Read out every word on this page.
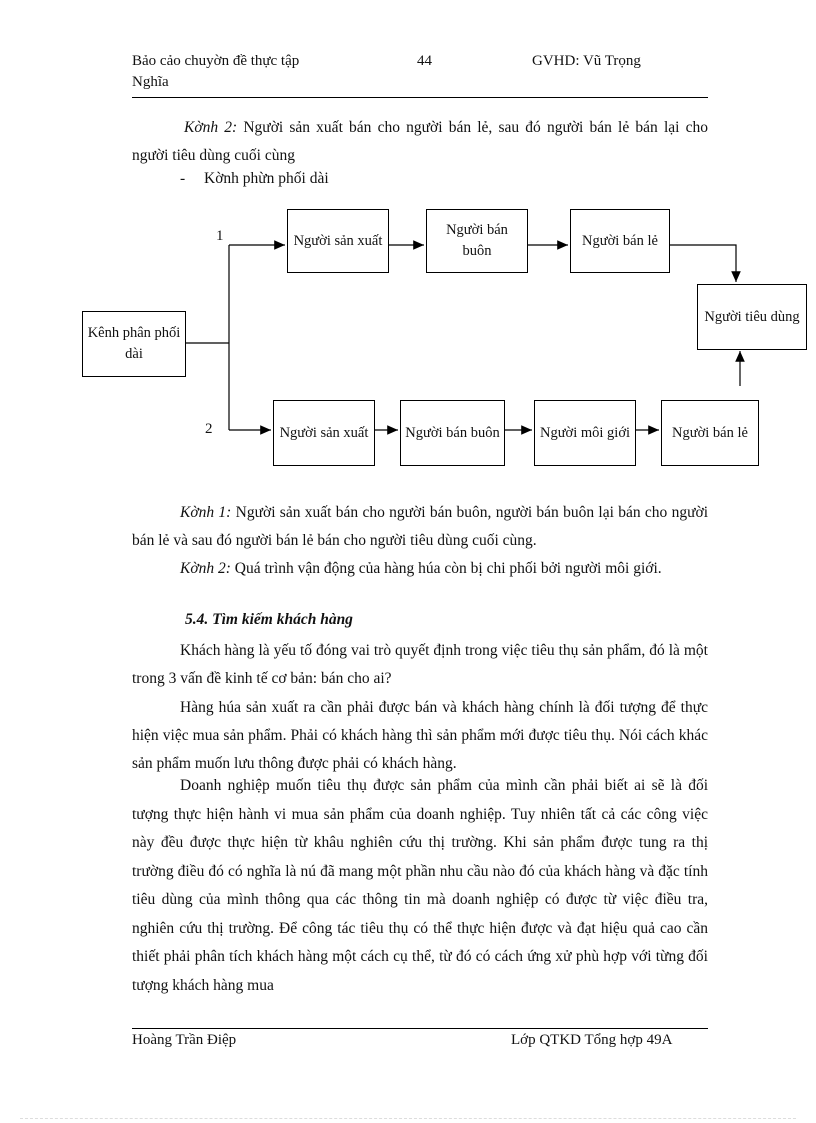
Bảo cảo chuyờn đề thực tập
Nghĩa
44	GVHD: Vũ Trọng
Kờnh 2: Người sản xuất bán cho người bán lẻ, sau đó người bán lẻ bán lại cho người tiêu dùng cuối cùng
- Kờnh phừn phối dài
Kênh phân phối dài
1
2
Người sản xuất
Người bán buôn
Người bán lẻ
Người tiêu dùng
Người sản xuất	Người bán buôn	Người môi giới	Người bán lẻ
Kờnh 1: Người sản xuất bán cho người bán buôn, người bán buôn lại bán cho người bán lẻ và sau đó người bán lẻ bán cho người tiêu dùng cuối cùng.
Kờnh 2: Quá trình vận động của hàng húa còn bị chi phối bởi người môi giới.
5.4. Tìm kiếm khách hàng
Khách hàng là yếu tố đóng vai trò quyết định trong việc tiêu thụ sản phẩm, đó là một trong 3 vấn đề kinh tế cơ bản: bán cho ai?
Hàng húa sản xuất ra cần phải được bán và khách hàng chính là đối tượng để thực hiện việc mua sản phẩm. Phải có khách hàng thì sản phẩm mới được tiêu thụ. Nói cách khác sản phẩm muốn lưu thông được phải có khách hàng.
Doanh nghiệp muốn tiêu thụ được sản phẩm của mình cần phải biết ai sẽ là đối tượng thực hiện hành vi mua sản phẩm của doanh nghiệp. Tuy nhiên tất cả các công việc này đều được thực hiện từ khâu nghiên cứu thị trường. Khi sản phẩm được tung ra thị trường điều đó có nghĩa là nú đã mang một phần nhu cầu nào đó của khách hàng và đặc tính tiêu dùng của mình thông qua các thông tin mà doanh nghiệp có được từ việc điều tra, nghiên cứu thị trường. Để công tác tiêu thụ có thể thực hiện được và đạt hiệu quả cao cần thiết phải phân tích khách hàng một cách cụ thể, từ đó có cách ứng xử phù hợp với từng đối tượng khách hàng mua
Hoàng Trần Điệp	Lớp QTKD Tổng hợp 49A
